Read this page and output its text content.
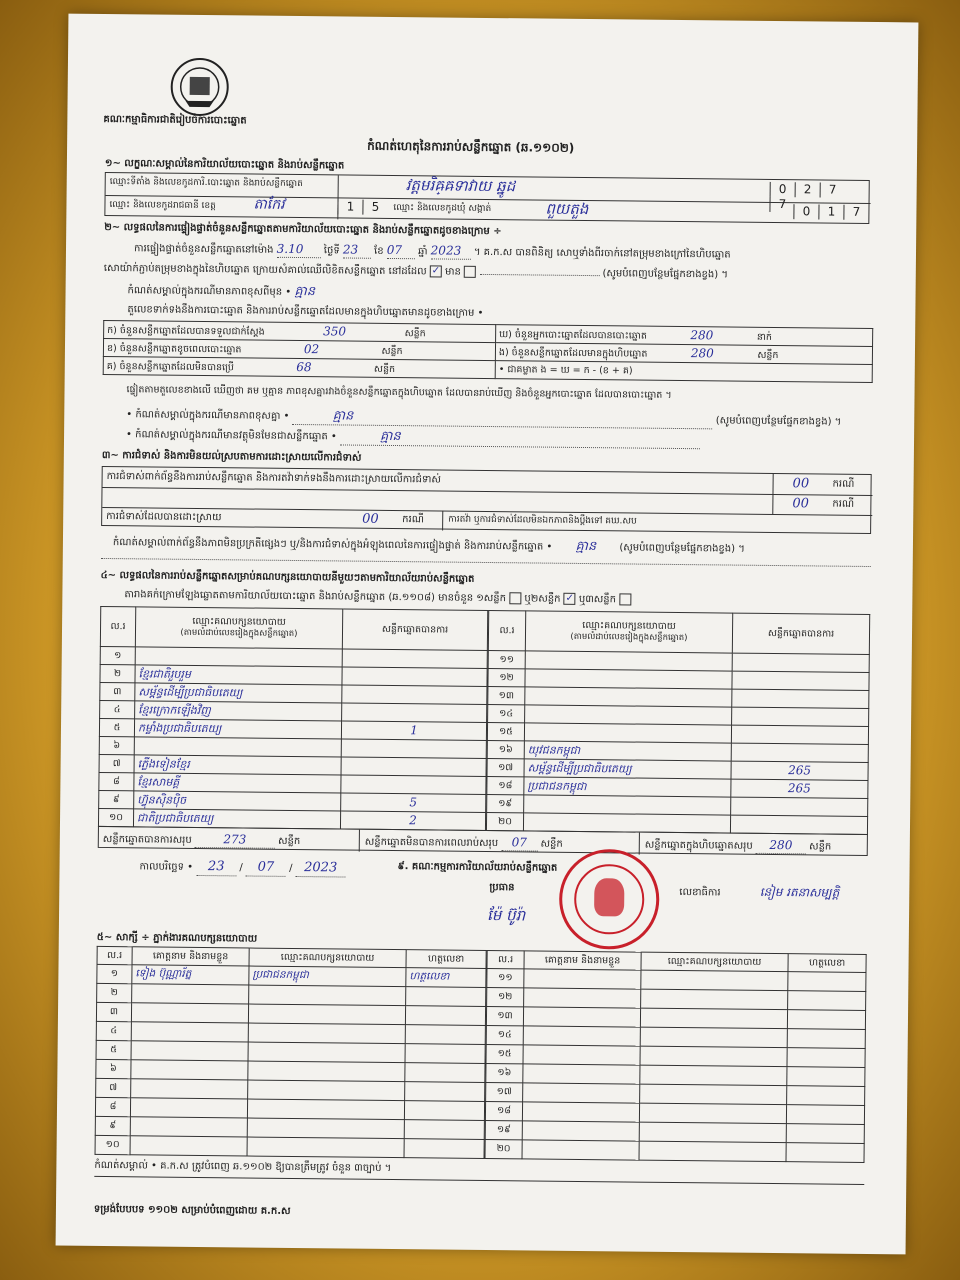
គណៈកម្មាធិការជាតិរៀបចំការបោះឆ្នោត
កំណត់ហេតុនៃការរាប់សន្លឹកឆ្នោត (ឆ.១១០២)
១~ លក្ខណៈសម្គាល់នៃការិយាល័យបោះឆ្នោត និងរាប់សន្លឹកឆ្នោត
ឈ្មោះទីតាំង និងលេខកូដការិ.បោះឆ្នោត និងរាប់សន្លឹកឆ្នោត	វត្តមរិឝ្ឝទាវាយ ឆ្នូដ	0 2 77
ឈ្មោះ និងលេខកូដរាជធានី ខេត្ត	តាកែវ	1 5	ឈ្មោះ និងលេខកូដឃុំ សង្កាត់	ពួយតួង	0 1 7
២~ លទ្ធផលនៃការផ្ទៀងផ្ទាត់ចំនួនសន្លឹកឆ្នោតតាមការិយាល័យបោះឆ្នោត និងរាប់សន្លឹកឆ្នោតដូចខាងក្រោម ÷
ការផ្ទៀងផ្ទាត់ចំនួនសន្លឹកឆ្នោតនៅម៉ោង 3.10 ថ្ងៃទី 23 ខែ 07 ឆ្នាំ 2023 ។ គ.ក.ស បានពិនិត្យ សោឬទាំងពីរចាក់នៅតម្រុមខាងក្រៅនៃហិបឆ្នោត
សោយ៉ាក់ភ្ជាប់តម្រុមខាងក្នុងនៃហិបឆ្នោត ក្រោយសំគាល់ឈើលិខិតសន្លឹកឆ្នោត នៅដដែល ✓ មាន	(សូមបំពេញបន្ថែមផ្នែកខាងខ្វង) ។
កំណត់សម្គាល់ក្នុងករណីមានភាពខុសពីមុន • គ្មាន
តួលេខទាក់ទងនឹងការបោះឆ្នោត និងការរាប់សន្លឹកឆ្នោតដែលមានក្នុងហិបឆ្នោតមានដូចខាងក្រោម •
ក) ចំនួនសន្លឹកឆ្នោតដែលបានទទួលជាក់ស្តែង 350 សន្លឹក	ឃ) ចំនួនអ្នកបោះឆ្នោតដែលបានបោះឆ្នោត 280 នាក់
ខ) ចំនួនសន្លឹកឆ្នោតខូចពេលបោះឆ្នោត 02 សន្លឹក	ង) ចំនួនសន្លឹកឆ្នោតដែលមានក្នុងហិបឆ្នោត 280 សន្លឹក
គ) ចំនួនសន្លឹកឆ្នោតដែលមិនបានប្រើ 68 សន្លឹក	• ជាគម្លាត ង = ឃ = ក - (ខ + គ)
ផ្ទៀតតាមតួលេខខាងលើ ឃើញថា គម ឬគ្មាន ភាពខុសគ្នារវាងចំនួនសន្លឹកឆ្នោតក្នុងហិបឆ្នោត ដែលបានរាប់ឃើញ និងចំនួនអ្នកបោះឆ្នោត ដែលបានបោះឆ្នោត ។
• កំណត់សម្គាល់ក្នុងករណីមានភាពខុសគ្នា •	គ្មាន	(សូមបំពេញបន្ថែមផ្នែកខាងខ្វង) ។
• កំណត់សម្គាល់ក្នុងករណីមានវត្ថុមិនមែនជាសន្លឹកឆ្នោត •	គ្មាន
៣~ ការជំទាស់ និងការមិនយល់ស្របតាមការដោះស្រាយលើការជំទាស់
ការជំទាស់ពាក់ព័ន្ធនឹងការរាប់សន្លឹកឆ្នោត និងការតវ៉ាទាក់ទងនឹងការដោះស្រាយលើការជំទាស់	00 ករណី
00 ករណី
ការជំទាស់ដែលបានដោះស្រាយ	00 ករណី	ការតវ៉ា ឬការជំទាស់ដែលមិនឯកភាពនិងប្តឹងទៅ គឃ.សប
កំណត់សម្គាល់ពាក់ព័ន្ធនឹងភាពមិនប្រក្រតីផ្សេងៗ ឬ/និងការជំទាស់ក្នុងអំឡុងពេលនៃការផ្ទៀងផ្ទាត់ និងការរាប់សន្លឹកឆ្នោត • គ្មាន (សូមបំពេញបន្ថែមផ្នែកខាងខ្វង) ។
៤~ លទ្ធផលនៃការរាប់សន្លឹកឆ្នោតសម្រាប់គណបក្សនយោបាយនីមួយៗតាមការិយាល័យរាប់សន្លឹកឆ្នោត
តារាងគក់ក្រោមឡែងឆ្លោតតាមការិយាល័យបោះឆ្នោត និងរាប់សន្លឹកឆ្នោត (ឆ.១១០៨) មានចំនួន ១សន្លឹក ឬ២សន្លឹក ✓ ឬ៣សន្លឹក
ល.រ	ឈ្មោះគណបក្សនយោបាយ
(តាមលំដាប់លេខរៀងក្នុងសន្លឹកឆ្នោត)	សន្លឹកឆ្នោតបានការ
១		
២	ខ្មែរជាតិរួបរួម	
៣	សម្ព័ន្ធដើម្បីប្រជាធិបតេយ្យ	
៤	ខ្មែរក្រោកឡើងវិញ	
៥	កម្លាំងប្រជាធិបតេយ្យ	1
៦		
៧	ភ្លើងទៀនខ្មែរ	
៨	ខ្មែរសាមគ្គី	
៩	ហ៊្វុនស៊ិនប៉ិច	5
១០	ជាតិប្រជាធិបតេយ្យ	2
ល.រ	ឈ្មោះគណបក្សនយោបាយ
(តាមលំដាប់លេខរៀងក្នុងសន្លឹកឆ្នោត)	សន្លឹកឆ្នោតបានការ
១១		
១២		
១៣		
១៤		
១៥		
១៦	យុវជនកម្ពុជា	
១៧	សម្ព័ន្ធដើម្បីប្រជាធិបតេយ្យ	265
១៨	ប្រជាជនកម្ពុជា	265
១៩		
២០		
សន្លឹកឆ្នោតបានការសរុប	273	សន្លឹក	សន្លឹកឆ្នោតមិនបានការពេលរាប់សរុប 07 សន្លឹក	សន្លឹកឆ្នោតក្នុងហិបឆ្នោតសរុប 280 សន្លឹក
កាលបរិច្ឆេទ • 23 / 07 / 2023	៩. គណៈកម្មការការិយាល័យរាប់សន្លឹកឆ្នោត
ប្រធាន
ម៉ែ ប៊ូរ៉ា
លេខាធិការ	នៀម រតនាសម្បត្តិ
៥~ សាក្សី ÷ ភ្នាក់ងារគណបក្សនយោបាយ
ល.រ	គោត្តនាម និងនាមខ្លួន	ឈ្មោះគណបក្សនយោបាយ	ហត្ថលេខា
១	ទៀង ប៊ុណ្ណារ័ត្ន	ប្រជាជនកម្ពុជា	ហត្ថលេខា
២			
៣			
៤			
៥			
៦			
៧			
៨			
៩			
១០			
ល.រ	គោត្តនាម និងនាមខ្លួន	ឈ្មោះគណបក្សនយោបាយ	ហត្ថលេខា
១១			
១២			
១៣			
១៤			
១៥			
១៦			
១៧			
១៨			
១៩			
២០			
កំណត់សម្គាល់ • គ.ក.ស ត្រូវបំពេញ ឆ.១១០២ ឱ្យបានត្រឹមត្រូវ ចំនួន ៣ច្បាប់ ។
ទម្រង់បែបបទ ១១០២ សម្រាប់បំពេញដោយ គ.ក.ស
